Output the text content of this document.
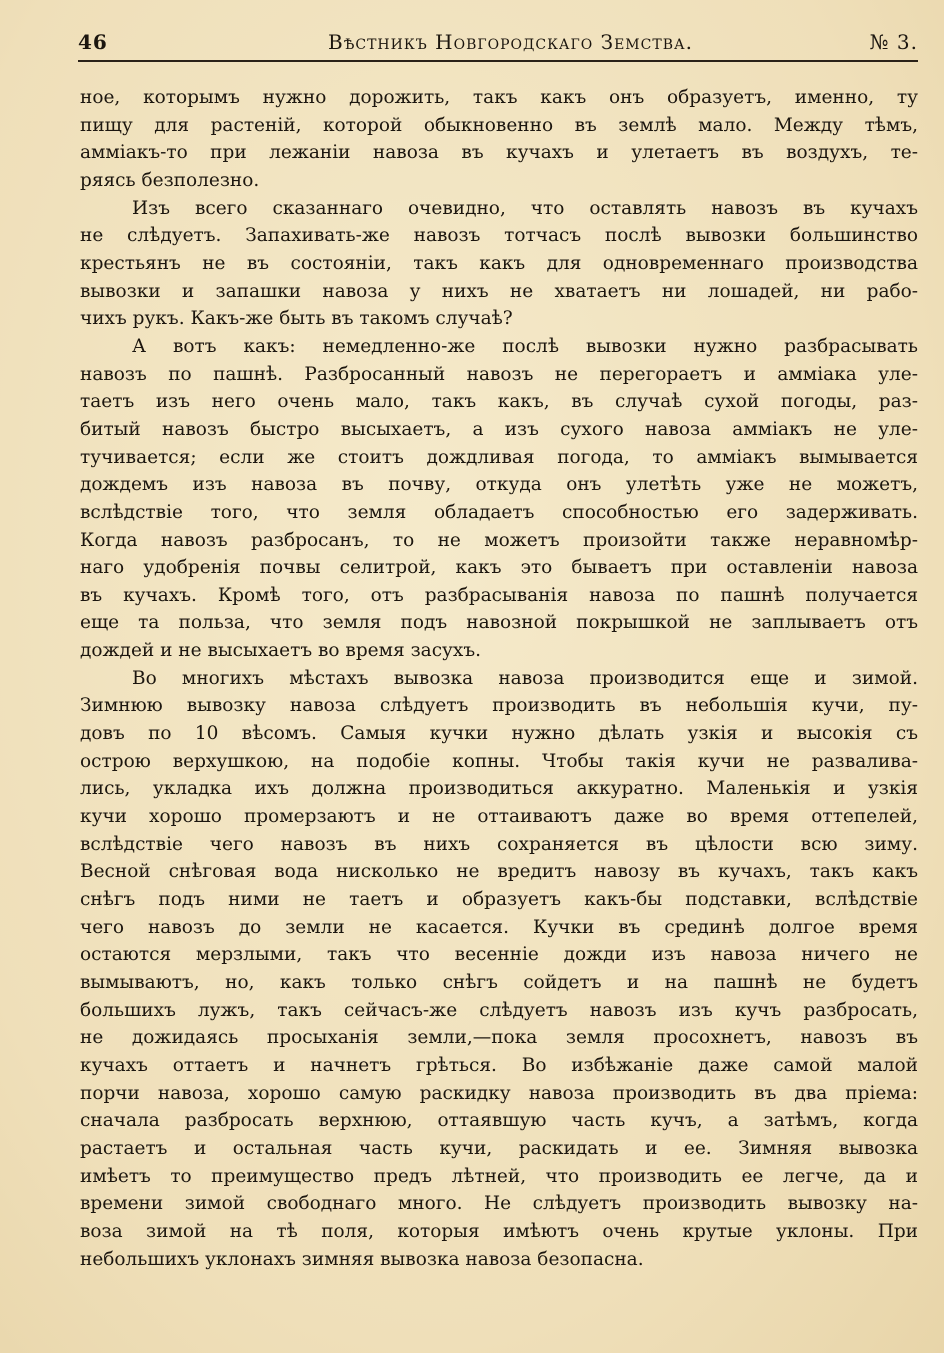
46	Вѣстникъ Новгородскаго Земства.	№ 3.
ное, которымъ нужно дорожить, такъ какъ онъ образуетъ, именно, ту
пищу для растеній, которой обыкновенно въ землѣ мало. Между тѣмъ,
амміакъ-то при лежаніи навоза въ кучахъ и улетаетъ въ воздухъ, те-
ряясь безполезно.
Изъ всего сказаннаго очевидно, что оставлять навозъ въ кучахъ
не слѣдуетъ. Запахивать-же навозъ тотчасъ послѣ вывозки большинство
крестьянъ не въ состояніи, такъ какъ для одновременнаго производства
вывозки и запашки навоза у нихъ не хватаетъ ни лошадей, ни рабо-
чихъ рукъ. Какъ-же быть въ такомъ случаѣ?
А вотъ какъ: немедленно-же послѣ вывозки нужно разбрасывать
навозъ по пашнѣ. Разбросанный навозъ не перегораетъ и амміака уле-
таетъ изъ него очень мало, такъ какъ, въ случаѣ сухой погоды, раз-
битый навозъ быстро высыхаетъ, а изъ сухого навоза амміакъ не уле-
тучивается; если же стоитъ дождливая погода, то амміакъ вымывается
дождемъ изъ навоза въ почву, откуда онъ улетѣть уже не можетъ,
вслѣдствіе того, что земля обладаетъ способностью его задерживать.
Когда навозъ разбросанъ, то не можетъ произойти также неравномѣр-
наго удобренія почвы селитрой, какъ это бываетъ при оставленіи навоза
въ кучахъ. Кромѣ того, отъ разбрасыванія навоза по пашнѣ получается
еще та польза, что земля подъ навозной покрышкой не заплываетъ отъ
дождей и не высыхаетъ во время засухъ.
Во многихъ мѣстахъ вывозка навоза производится еще и зимой.
Зимнюю вывозку навоза слѣдуетъ производить въ небольшія кучи, пу-
довъ по 10 вѣсомъ. Самыя кучки нужно дѣлать узкія и высокія съ
острою верхушкою, на подобіе копны. Чтобы такія кучи не развалива-
лись, укладка ихъ должна производиться аккуратно. Маленькія и узкія
кучи хорошо промерзаютъ и не оттаиваютъ даже во время оттепелей,
вслѣдствіе чего навозъ въ нихъ сохраняется въ цѣлости всю зиму.
Весной снѣговая вода нисколько не вредитъ навозу въ кучахъ, такъ какъ
снѣгъ подъ ними не таетъ и образуетъ какъ-бы подставки, вслѣдствіе
чего навозъ до земли не касается. Кучки въ срединѣ долгое время
остаются мерзлыми, такъ что весенніе дожди изъ навоза ничего не
вымываютъ, но, какъ только снѣгъ сойдетъ и на пашнѣ не будетъ
большихъ лужъ, такъ сейчасъ-же слѣдуетъ навозъ изъ кучъ разбросать,
не дожидаясь просыханія земли,—пока земля просохнетъ, навозъ въ
кучахъ оттаетъ и начнетъ грѣться. Во избѣжаніе даже самой малой
порчи навоза, хорошо самую раскидку навоза производить въ два пріема:
сначала разбросать верхнюю, оттаявшую часть кучъ, а затѣмъ, когда
растаетъ и остальная часть кучи, раскидать и ее. Зимняя вывозка
имѣетъ то преимущество предъ лѣтней, что производить ее легче, да и
времени зимой свободнаго много. Не слѣдуетъ производить вывозку на-
воза зимой на тѣ поля, которыя имѣютъ очень крутые уклоны. При
небольшихъ уклонахъ зимняя вывозка навоза безопасна.
